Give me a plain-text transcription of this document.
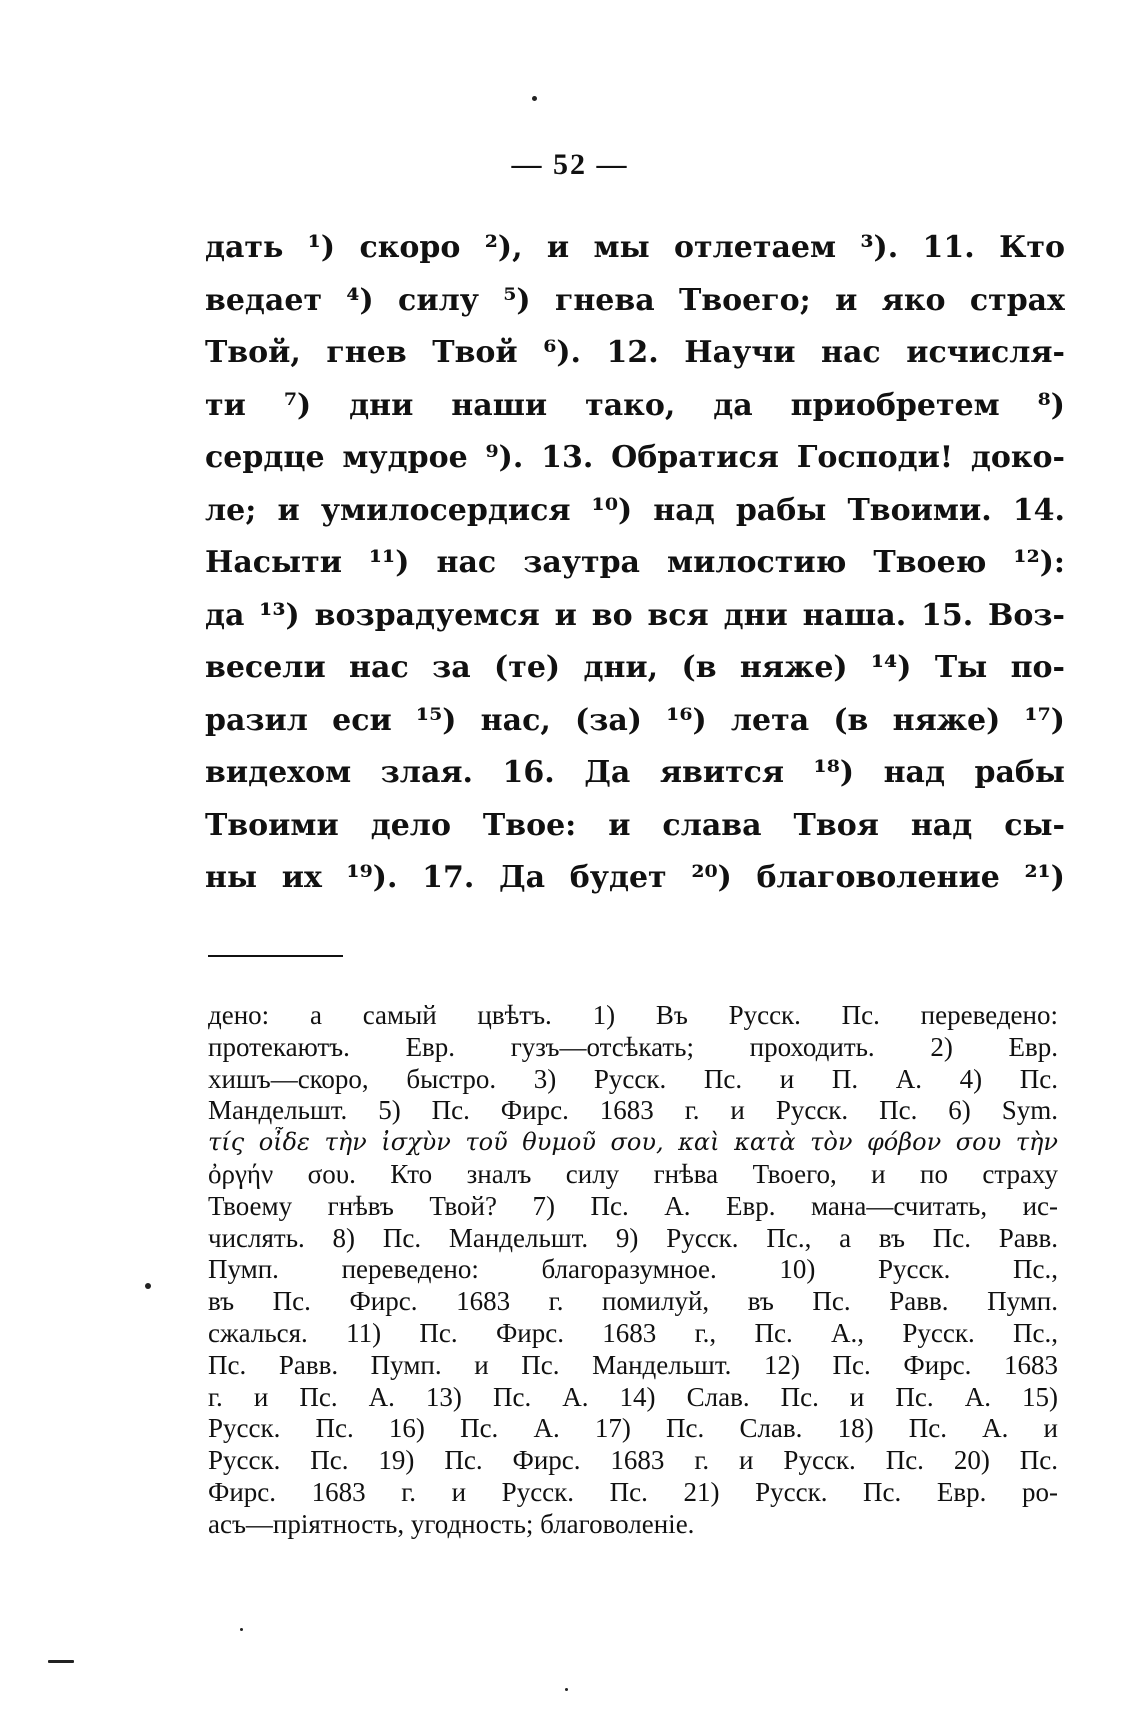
— 52 —
дать ¹) скоро ²), и мы отлетаем ³). 11. Кто
ведает ⁴) силу ⁵) гнева Твоего; и яко страх
Твой, гнев Твой ⁶). 12. Научи нас исчисля-
ти ⁷) дни наши тако, да приобретем ⁸)
сердце мудрое ⁹). 13. Обратися Господи! доко-
ле; и умилосердися ¹⁰) над рабы Твоими. 14.
Насыти ¹¹) нас заутра милостию Твоею ¹²):
да ¹³) возрадуемся и во вся дни наша. 15. Воз-
весели нас за (те) дни, (в няже) ¹⁴) Ты по-
разил еси ¹⁵) нас, (за) ¹⁶) лета (в няже) ¹⁷)
видехом злая. 16. Да явится ¹⁸) над рабы
Твоими дело Твое: и слава Твоя над сы-
ны их ¹⁹). 17. Да будет ²⁰) благоволение ²¹)
дено: а самый цвѣтъ. 1) Въ Русск. Пс. переведено:
протекаютъ. Евр. гузъ—отсѣкать; проходить. 2) Евр.
хишъ—скоро, быстро. 3) Русск. Пс. и П. А. 4) Пс.
Мандельшт. 5) Пс. Фирс. 1683 г. и Русск. Пс. 6) Sym.
τίς οἶδε τὴν ἰσχὺν τοῦ θυμοῦ σου, καὶ κατὰ τὸν φόβον σου τὴν
ὀργήν σου. Кто зналъ силу гнѣва Твоего, и по страху
Твоему гнѣвъ Твой? 7) Пс. А. Евр. мана—считать, ис-
числять. 8) Пс. Мандельшт. 9) Русск. Пс., а въ Пс. Равв.
Пумп. переведено: благоразумное. 10) Русск. Пс.,
въ Пс. Фирс. 1683 г. помилуй, въ Пс. Равв. Пумп.
сжалься. 11) Пс. Фирс. 1683 г., Пс. А., Русск. Пс.,
Пс. Равв. Пумп. и Пс. Мандельшт. 12) Пс. Фирс. 1683
г. и Пс. А. 13) Пс. А. 14) Слав. Пс. и Пс. А. 15)
Русск. Пс. 16) Пс. А. 17) Пс. Слав. 18) Пс. А. и
Русск. Пс. 19) Пс. Фирс. 1683 г. и Русск. Пс. 20) Пс.
Фирс. 1683 г. и Русск. Пс. 21) Русск. Пс. Евр. ро-
асъ—пріятность, угодность; благоволеніе.
